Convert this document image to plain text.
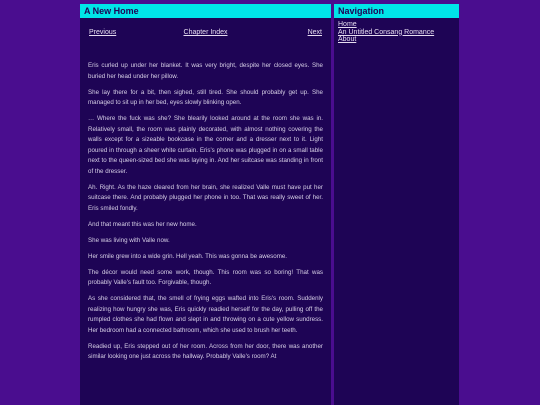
A New Home
Previous	Chapter Index	Next

Eris curled up under her blanket. It was very bright, despite her closed eyes. She buried her head under her pillow.

She lay there for a bit, then sighed, still tired. She should probably get up. She managed to sit up in her bed, eyes slowly blinking open.

… Where the fuck was she? She blearily looked around at the room she was in. Relatively small, the room was plainly decorated, with almost nothing covering the walls except for a sizeable bookcase in the corner and a dresser next to it. Light poured in through a sheer white curtain. Eris's phone was plugged in on a small table next to the queen-sized bed she was laying in. And her suitcase was standing in front of the dresser.

Ah. Right. As the haze cleared from her brain, she realized Valle must have put her suitcase there. And probably plugged her phone in too. That was really sweet of her. Eris smiled fondly.

And that meant this was her new home.

She was living with Valle now.

Her smile grew into a wide grin. Hell yeah. This was gonna be awesome.

The décor would need some work, though. This room was so boring! That was probably Valle's fault too. Forgivable, though.

As she considered that, the smell of frying eggs wafted into Eris's room. Suddenly realizing how hungry she was, Eris quickly readied herself for the day, pulling off the rumpled clothes she had flown and slept in and throwing on a cute yellow sundress. Her bedroom had a connected bathroom, which she used to brush her teeth.

Readied up, Eris stepped out of her room. Across from her door, there was another similar looking one just across the hallway. Probably Valle's room? At

Navigation
Home
An Untitled Consang Romance
About
